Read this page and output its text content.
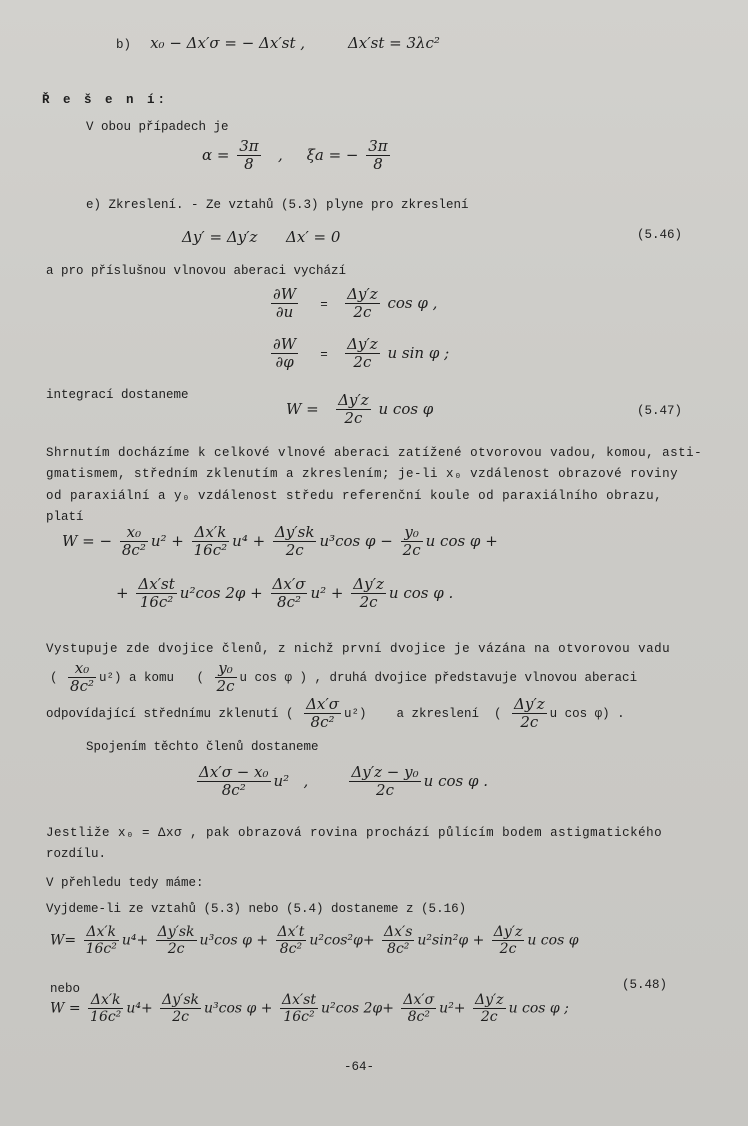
b) x₀ − Δx′σ = − Δx′st ,	Δx′st = 3λc²
Ř e š e n í:
V obou případech je
$\alpha = \frac{3\pi}{8}$ , ξa = − $\frac{3\pi}{8}$
e) Zkreslení. - Ze vztahů (5.3) plyne pro zkreslení
Δy′ = Δy′z      Δx′ = 0	(5.46)
a pro příslušnou vlnovou aberaci vychází
$\frac{\partial W}{\partial u} = \frac{\Delta y'z}{2c}$ cos φ ,
$\frac{\partial W}{\partial\varphi} = \frac{\Delta y'z}{2c}$ u sin φ ;
integrací dostaneme
$W = \frac{\Delta y'z}{2c}$ u cos φ	(5.47)
Shrnutím docházíme k celkové vlnové aberaci zatížené otvorovou vadou, komou, asti-
gmatismem, středním zklenutím a zkreslením; je-li x₀ vzdálenost obrazové roviny
od paraxiální a y₀ vzdálenost středu referenční koule od paraxiálního obrazu,
platí
W = − $\frac{\text{x₀}}{\text{8c²}} u^2 + \frac{\Delta x'k}{\text{16c²}} u^4 + \frac{\Delta y'sk}{2c} u^3\cos$ $\varphi - \frac{\text{y₀}}{2c}$ u cos φ +
+ $\frac{\Delta x'st}{\text{16c²}} u^2\cos$ $2\varphi + \frac{\Delta x'\sigma}{\text{8c²}} u^2 + \frac{\Delta y'z}{2c}$ u cos φ .
Vystupuje zde dvojice členů, z nichž první dvojice je vázána na otvorovou vadu
( $\frac{\text{x₀}}{\text{8c²}} u^2$) a komu   ( $\frac{\text{y₀}}{2c}$ u cos φ ) , druhá dvojice představuje vlnovou aberaci
odpovídající střednímu zklenutí ( $\frac{\Delta x'\sigma}{\text{8c²}} u^2$)    a zkreslení  ( $\frac{\Delta y'z}{2c}$ u cos φ) .
Spojením těchto členů dostaneme
$\frac{\text{Δx′σ − x₀}}{\text{8c²}} u^2$   ,	$\frac{\text{Δy′z − y₀}}{2c}$ u cos φ .
Jestliže x₀ = Δxσ , pak obrazová rovina prochází půlícím bodem astigmatického
rozdílu.
V přehledu tedy máme:
Vyjdeme-li ze vztahů (5.3) nebo (5.4) dostaneme z (5.16)
$W= \frac{\Delta x'k}{\text{16c²}} u^4+ \frac{\Delta y'sk}{2c} u^3\cos$ $\varphi + \frac{\Delta x't}{\text{8c²}} u^2\cos^2\varphi+ \frac{\Delta x's}{\text{8c²}} u^2\sin^2\varphi + \frac{\Delta y'z}{2c}$ u cos φ
nebo	(5.48)
$W = \frac{\Delta x'k}{\text{16c²}} u^4+ \frac{\Delta y'sk}{2c} u^3\cos$ $\varphi + \frac{\Delta x'st}{\text{16c²}} u^2\cos$ $2\varphi+ \frac{\Delta x'\sigma}{\text{8c²}} u^2+ \frac{\Delta y'z}{2c}$ u cos φ ;
-64-
